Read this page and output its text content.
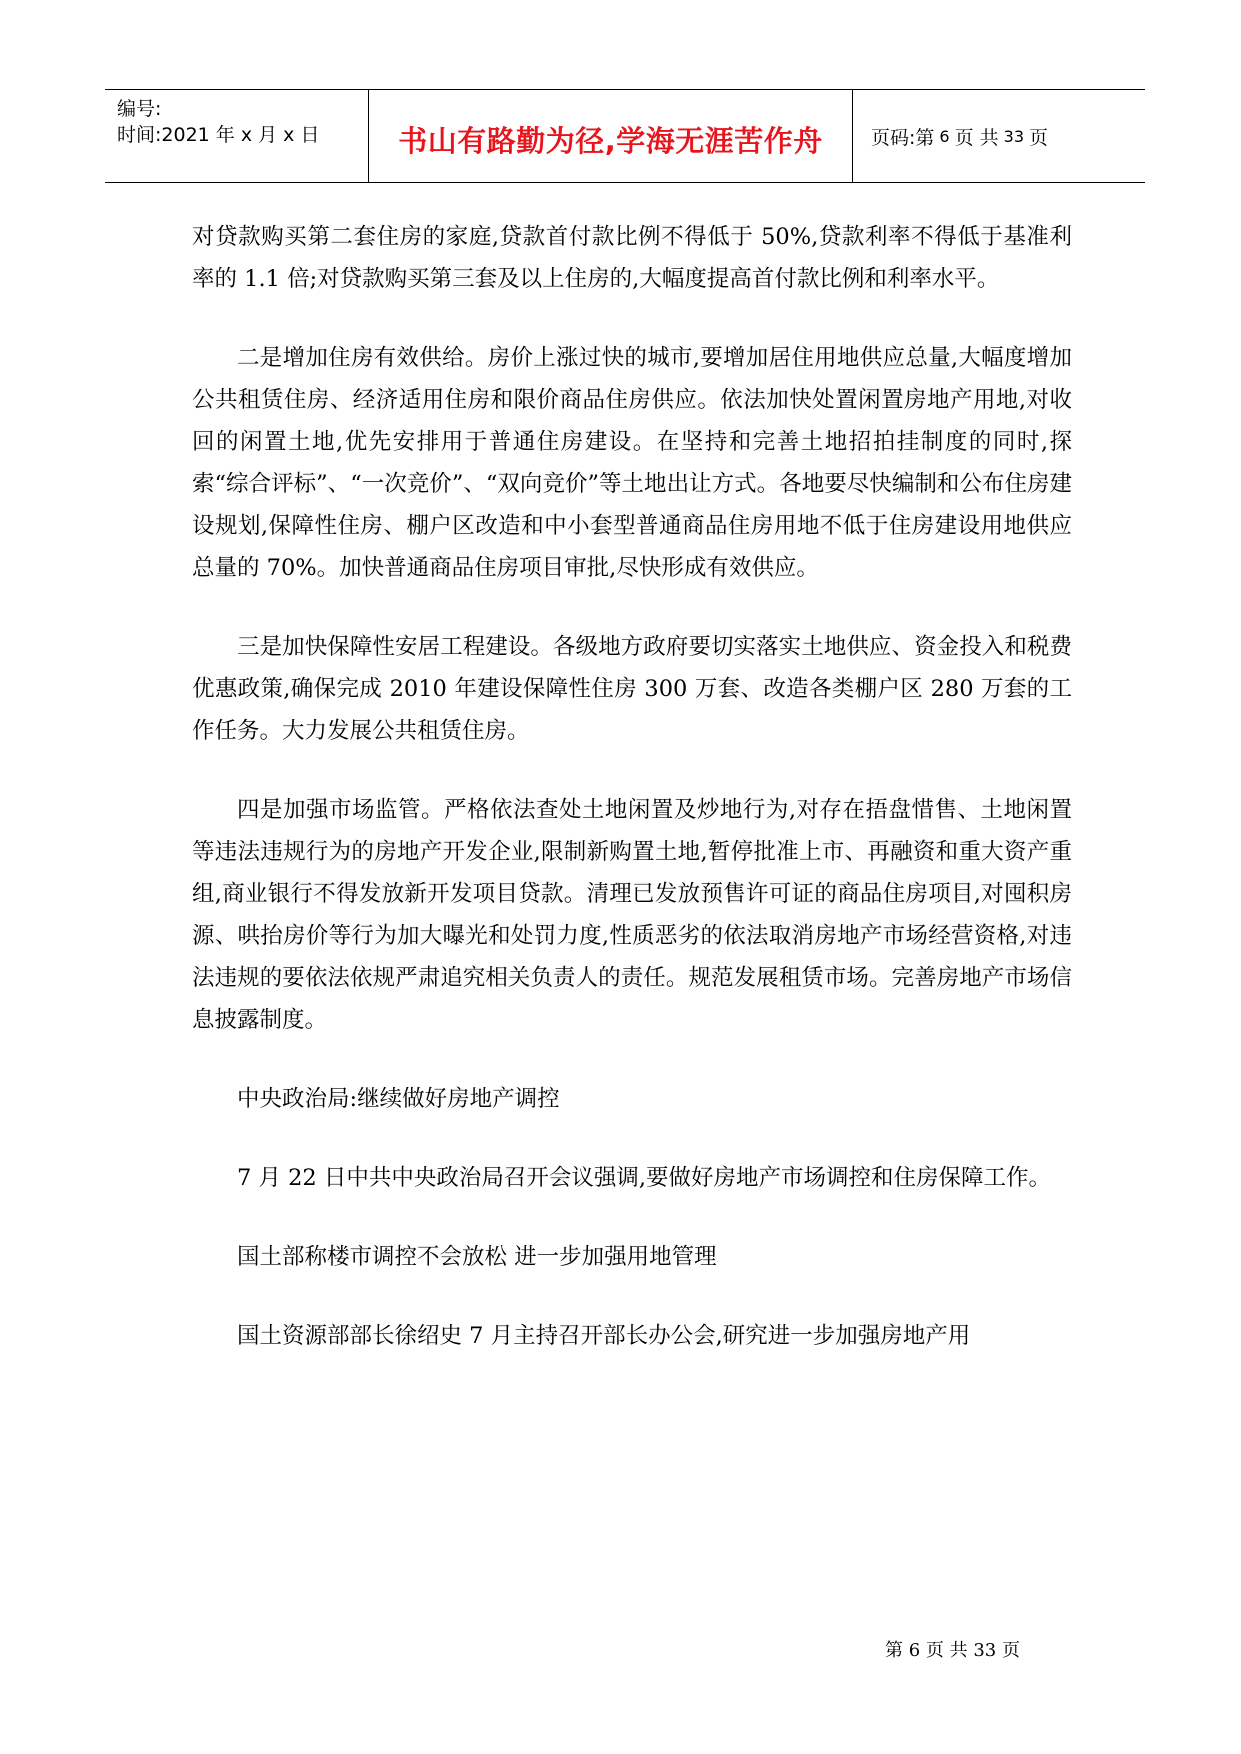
编号:
时间:2021 年 x 月 x 日	书山有路勤为径,学海无涯苦作舟	页码:第 6 页 共 33 页

对贷款购买第二套住房的家庭,贷款首付款比例不得低于 50%,贷款利率不得低于基准利率的 1.1 倍;对贷款购买第三套及以上住房的,大幅度提高首付款比例和利率水平。

二是增加住房有效供给。房价上涨过快的城市,要增加居住用地供应总量,大幅度增加公共租赁住房、经济适用住房和限价商品住房供应。依法加快处置闲置房地产用地,对收回的闲置土地,优先安排用于普通住房建设。在坚持和完善土地招拍挂制度的同时,探索“综合评标”、“一次竞价”、“双向竞价”等土地出让方式。各地要尽快编制和公布住房建设规划,保障性住房、棚户区改造和中小套型普通商品住房用地不低于住房建设用地供应总量的 70%。加快普通商品住房项目审批,尽快形成有效供应。

三是加快保障性安居工程建设。各级地方政府要切实落实土地供应、资金投入和税费优惠政策,确保完成 2010 年建设保障性住房 300 万套、改造各类棚户区 280 万套的工作任务。大力发展公共租赁住房。

四是加强市场监管。严格依法查处土地闲置及炒地行为,对存在捂盘惜售、土地闲置等违法违规行为的房地产开发企业,限制新购置土地,暂停批准上市、再融资和重大资产重组,商业银行不得发放新开发项目贷款。清理已发放预售许可证的商品住房项目,对囤积房源、哄抬房价等行为加大曝光和处罚力度,性质恶劣的依法取消房地产市场经营资格,对违法违规的要依法依规严肃追究相关负责人的责任。规范发展租赁市场。完善房地产市场信息披露制度。

中央政治局:继续做好房地产调控

7 月 22 日中共中央政治局召开会议强调,要做好房地产市场调控和住房保障工作。

国土部称楼市调控不会放松 进一步加强用地管理

国土资源部部长徐绍史 7 月主持召开部长办公会,研究进一步加强房地产用

第 6 页 共 33 页
